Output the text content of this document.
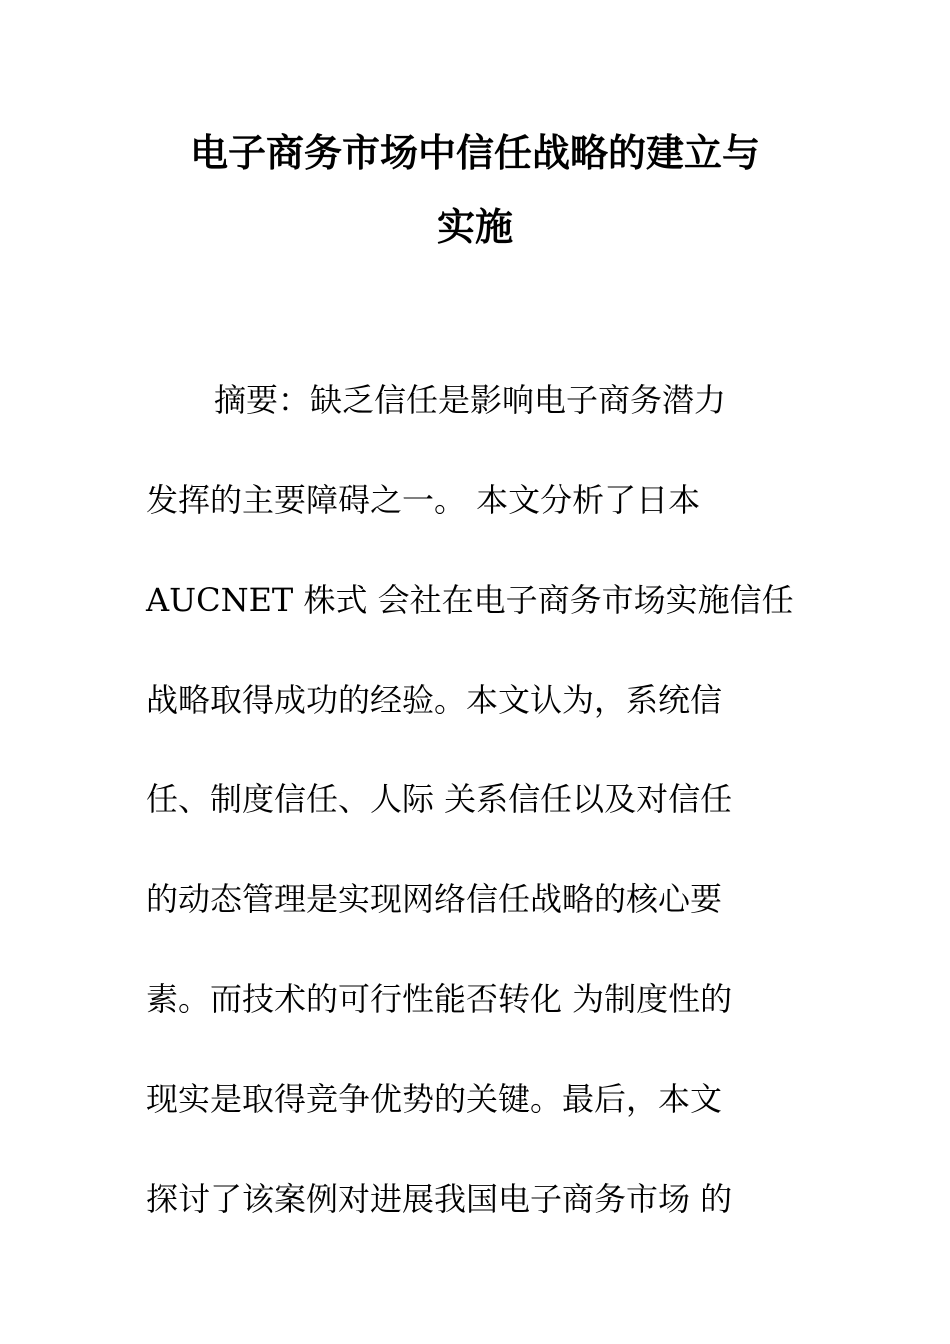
电子商务市场中信任战略的建立与
实施
摘要：缺乏信任是影响电子商务潜力
发挥的主要障碍之一。 本文分析了日本
AUCNET 株式 会社在电子商务市场实施信任
战略取得成功的经验。本文认为，系统信
任、制度信任、人际 关系信任以及对信任
的动态管理是实现网络信任战略的核心要
素。而技术的可行性能否转化 为制度性的
现实是取得竞争优势的关键。最后，本文
探讨了该案例对进展我国电子商务市场 的
